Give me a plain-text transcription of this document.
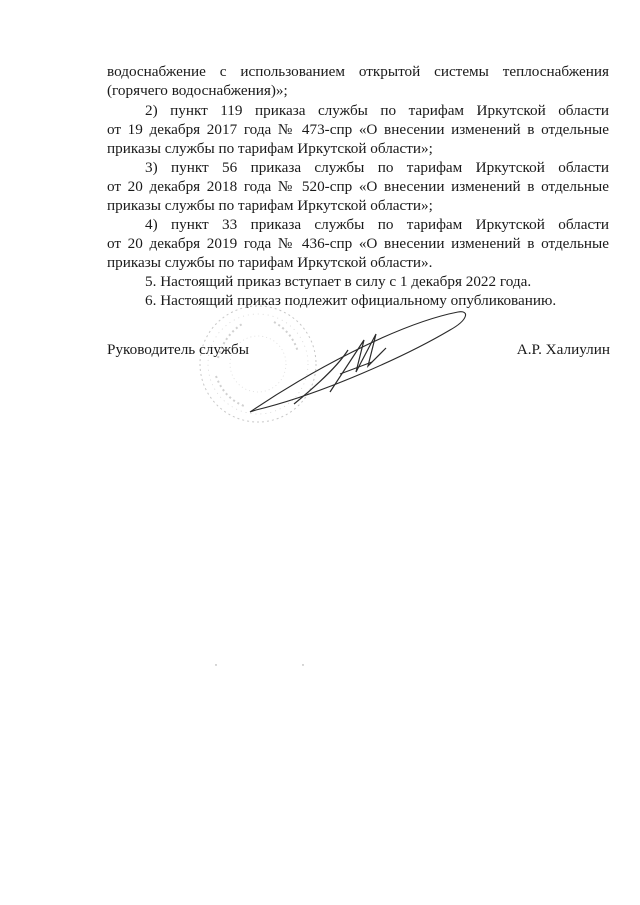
водоснабжение с использованием открытой системы теплоснабжения
(горячего водоснабжения)»;
2) пункт 119 приказа службы по тарифам Иркутской области
от 19 декабря 2017 года № 473-спр «О внесении изменений в отдельные
приказы службы по тарифам Иркутской области»;
3) пункт 56 приказа службы по тарифам Иркутской области
от 20 декабря 2018 года № 520-спр «О внесении изменений в отдельные
приказы службы по тарифам Иркутской области»;
4) пункт 33 приказа службы по тарифам Иркутской области
от 20 декабря 2019 года № 436-спр «О внесении изменений в отдельные
приказы службы по тарифам Иркутской области».
5. Настоящий приказ вступает в силу с 1 декабря 2022 года.
6. Настоящий приказ подлежит официальному опубликованию.
Руководитель службы	А.Р. Халиулин
